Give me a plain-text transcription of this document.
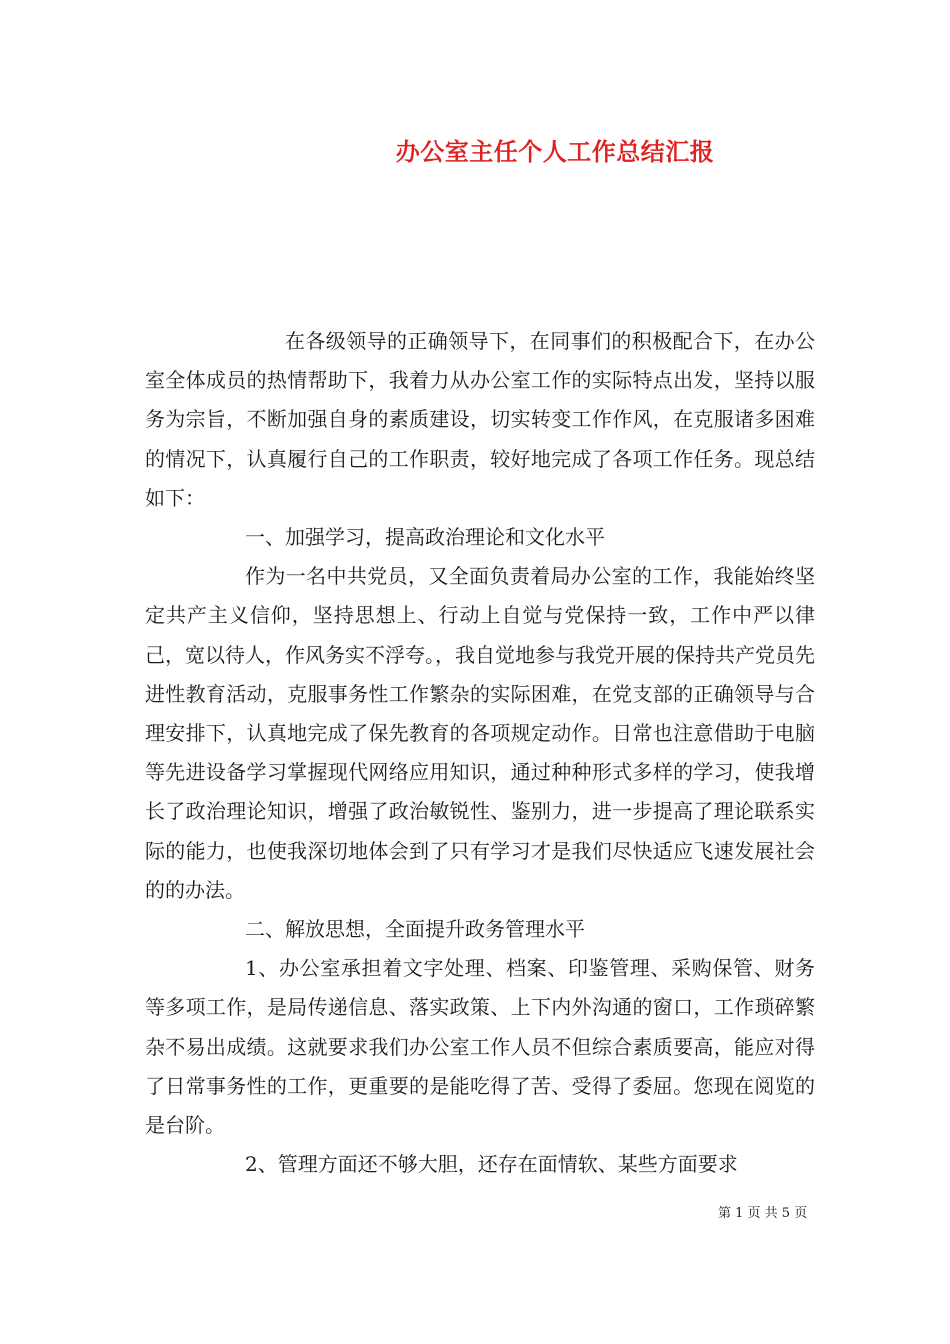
办公室主任个人工作总结汇报

在各级领导的正确领导下，在同事们的积极配合下，在办公室全体成员的热情帮助下，我着力从办公室工作的实际特点出发，坚持以服务为宗旨，不断加强自身的素质建设，切实转变工作作风，在克服诸多困难的情况下，认真履行自己的工作职责，较好地完成了各项工作任务。现总结如下：

一、加强学习，提高政治理论和文化水平

作为一名中共党员，又全面负责着局办公室的工作，我能始终坚定共产主义信仰，坚持思想上、行动上自觉与党保持一致，工作中严以律己，宽以待人，作风务实不浮夸。，我自觉地参与我党开展的保持共产党员先进性教育活动，克服事务性工作繁杂的实际困难，在党支部的正确领导与合理安排下，认真地完成了保先教育的各项规定动作。日常也注意借助于电脑等先进设备学习掌握现代网络应用知识，通过种种形式多样的学习，使我增长了政治理论知识，增强了政治敏锐性、鉴别力，进一步提高了理论联系实际的能力，也使我深切地体会到了只有学习才是我们尽快适应飞速发展社会的的办法。

二、解放思想，全面提升政务管理水平

1、办公室承担着文字处理、档案、印鉴管理、采购保管、财务等多项工作，是局传递信息、落实政策、上下内外沟通的窗口，工作琐碎繁杂不易出成绩。这就要求我们办公室工作人员不但综合素质要高，能应对得了日常事务性的工作，更重要的是能吃得了苦、受得了委屈。您现在阅览的是台阶。

2、管理方面还不够大胆，还存在面情软、某些方面要求

第 1 页 共 5 页
